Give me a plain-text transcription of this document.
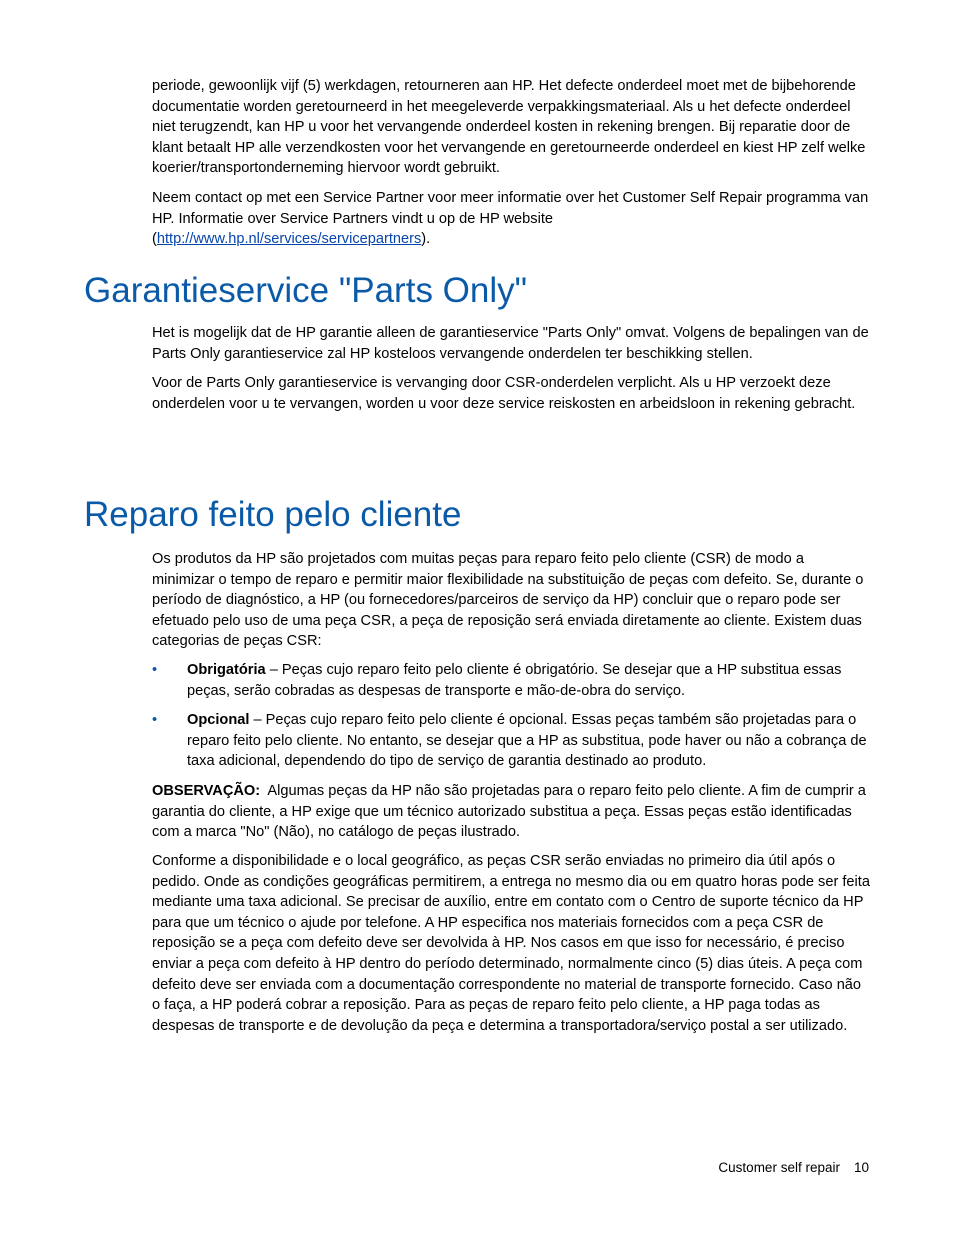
periode, gewoonlijk vijf (5) werkdagen, retourneren aan HP. Het defecte onderdeel moet met de bijbehorende documentatie worden geretourneerd in het meegeleverde verpakkingsmateriaal. Als u het defecte onderdeel niet terugzendt, kan HP u voor het vervangende onderdeel kosten in rekening brengen. Bij reparatie door de klant betaalt HP alle verzendkosten voor het vervangende en geretourneerde onderdeel en kiest HP zelf welke koerier/transportonderneming hiervoor wordt gebruikt.

Neem contact op met een Service Partner voor meer informatie over het Customer Self Repair programma van HP. Informatie over Service Partners vindt u op de HP website
(http://www.hp.nl/services/servicepartners).

Garantieservice "Parts Only"

Het is mogelijk dat de HP garantie alleen de garantieservice "Parts Only" omvat. Volgens de bepalingen van de Parts Only garantieservice zal HP kosteloos vervangende onderdelen ter beschikking stellen.

Voor de Parts Only garantieservice is vervanging door CSR-onderdelen verplicht. Als u HP verzoekt deze onderdelen voor u te vervangen, worden u voor deze service reiskosten en arbeidsloon in rekening gebracht.

Reparo feito pelo cliente

Os produtos da HP são projetados com muitas peças para reparo feito pelo cliente (CSR) de modo a minimizar o tempo de reparo e permitir maior flexibilidade na substituição de peças com defeito. Se, durante o período de diagnóstico, a HP (ou fornecedores/parceiros de serviço da HP) concluir que o reparo pode ser efetuado pelo uso de uma peça CSR, a peça de reposição será enviada diretamente ao cliente. Existem duas categorias de peças CSR:

• Obrigatória – Peças cujo reparo feito pelo cliente é obrigatório. Se desejar que a HP substitua essas peças, serão cobradas as despesas de transporte e mão-de-obra do serviço.

• Opcional – Peças cujo reparo feito pelo cliente é opcional. Essas peças também são projetadas para o reparo feito pelo cliente. No entanto, se desejar que a HP as substitua, pode haver ou não a cobrança de taxa adicional, dependendo do tipo de serviço de garantia destinado ao produto.

OBSERVAÇÃO:  Algumas peças da HP não são projetadas para o reparo feito pelo cliente. A fim de cumprir a garantia do cliente, a HP exige que um técnico autorizado substitua a peça. Essas peças estão identificadas com a marca "No" (Não), no catálogo de peças ilustrado.

Conforme a disponibilidade e o local geográfico, as peças CSR serão enviadas no primeiro dia útil após o pedido. Onde as condições geográficas permitirem, a entrega no mesmo dia ou em quatro horas pode ser feita mediante uma taxa adicional. Se precisar de auxílio, entre em contato com o Centro de suporte técnico da HP para que um técnico o ajude por telefone. A HP especifica nos materiais fornecidos com a peça CSR de reposição se a peça com defeito deve ser devolvida à HP. Nos casos em que isso for necessário, é preciso enviar a peça com defeito à HP dentro do período determinado, normalmente cinco (5) dias úteis. A peça com defeito deve ser enviada com a documentação correspondente no material de transporte fornecido. Caso não o faça, a HP poderá cobrar a reposição. Para as peças de reparo feito pelo cliente, a HP paga todas as despesas de transporte e de devolução da peça e determina a transportadora/serviço postal a ser utilizado.

Customer self repair 10
